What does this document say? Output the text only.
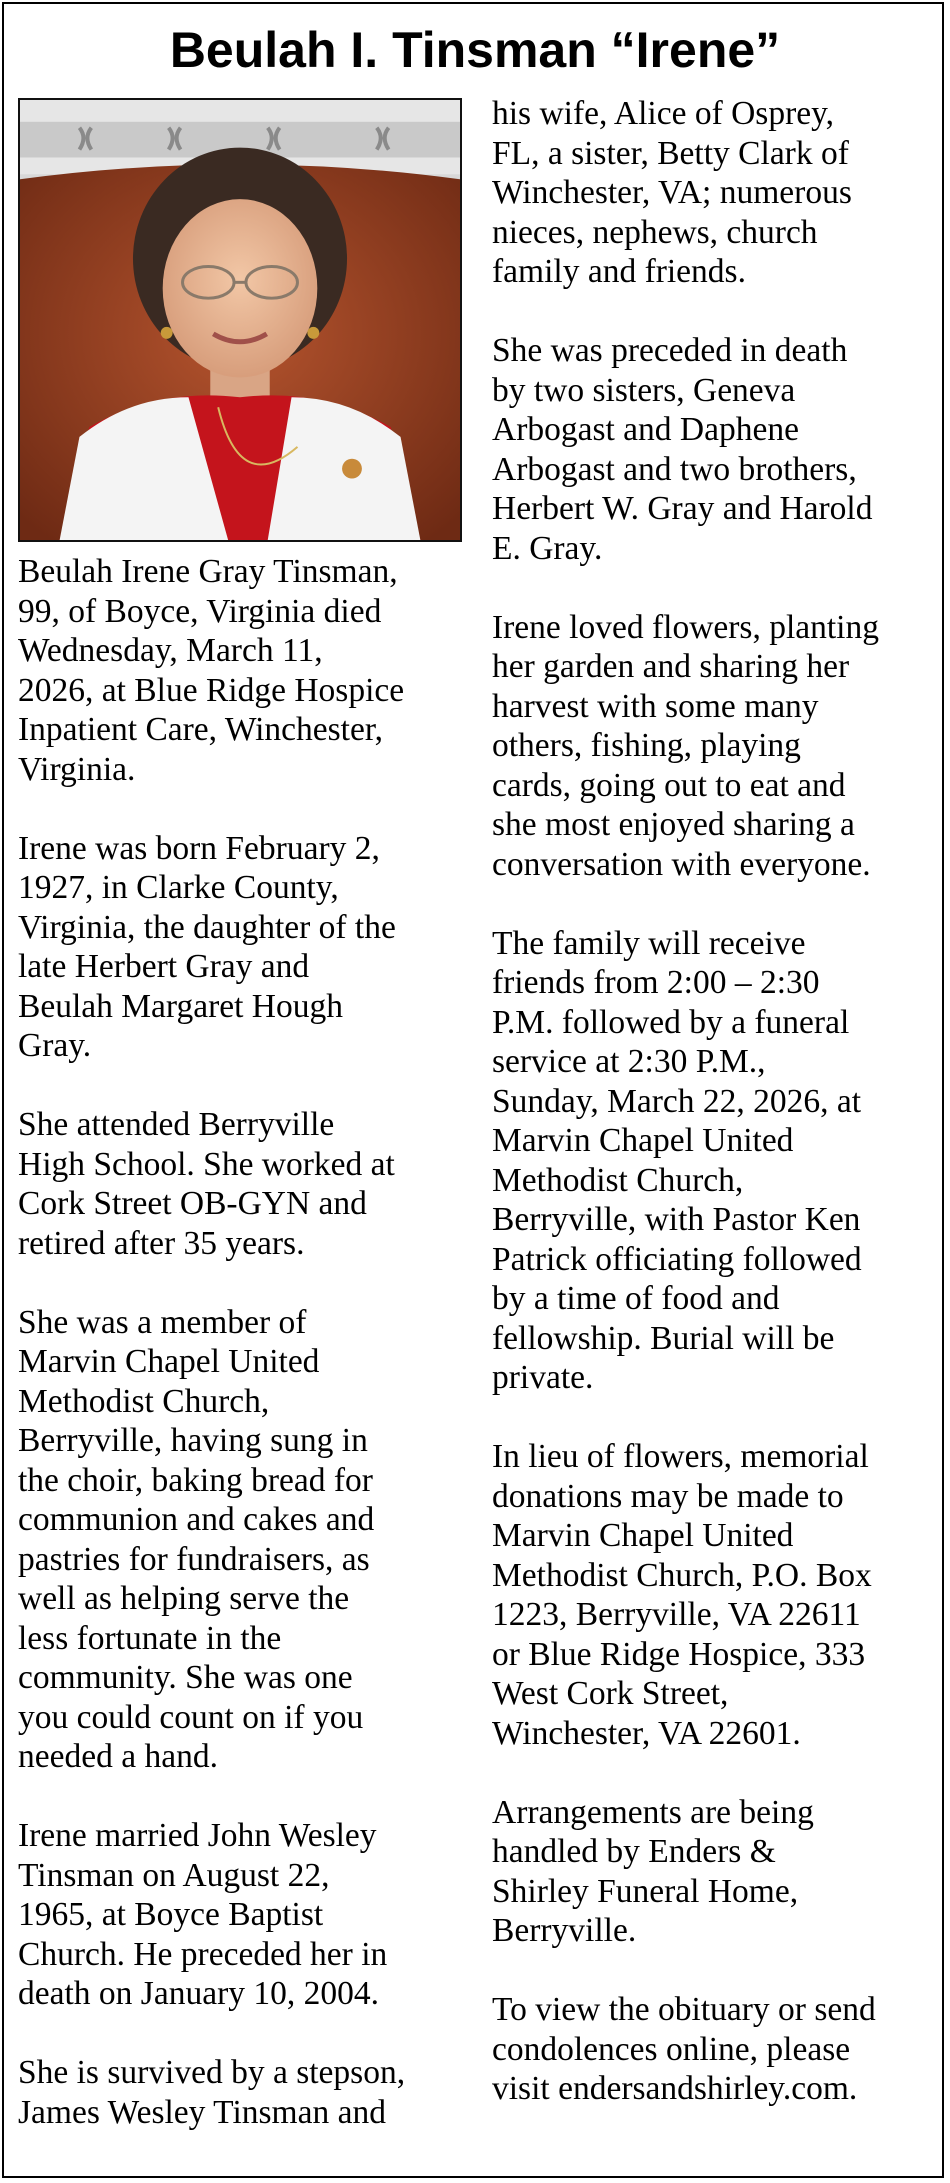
Beulah I. Tinsman “Irene”

Beulah Irene Gray Tinsman,
99, of Boyce, Virginia died
Wednesday, March 11,
2026, at Blue Ridge Hospice
Inpatient Care, Winchester,
Virginia.

Irene was born February 2,
1927, in Clarke County,
Virginia, the daughter of the
late Herbert Gray and
Beulah Margaret Hough
Gray.

She attended Berryville
High School. She worked at
Cork Street OB-GYN and
retired after 35 years.

She was a member of
Marvin Chapel United
Methodist Church,
Berryville, having sung in
the choir, baking bread for
communion and cakes and
pastries for fundraisers, as
well as helping serve the
less fortunate in the
community. She was one
you could count on if you
needed a hand.

Irene married John Wesley
Tinsman on August 22,
1965, at Boyce Baptist
Church. He preceded her in
death on January 10, 2004.

She is survived by a stepson,
James Wesley Tinsman and

his wife, Alice of Osprey,
FL, a sister, Betty Clark of
Winchester, VA; numerous
nieces, nephews, church
family and friends.

She was preceded in death
by two sisters, Geneva
Arbogast and Daphene
Arbogast and two brothers,
Herbert W. Gray and Harold
E. Gray.

Irene loved flowers, planting
her garden and sharing her
harvest with some many
others, fishing, playing
cards, going out to eat and
she most enjoyed sharing a
conversation with everyone.

The family will receive
friends from 2:00 – 2:30
P.M. followed by a funeral
service at 2:30 P.M.,
Sunday, March 22, 2026, at
Marvin Chapel United
Methodist Church,
Berryville, with Pastor Ken
Patrick officiating followed
by a time of food and
fellowship. Burial will be
private.

In lieu of flowers, memorial
donations may be made to
Marvin Chapel United
Methodist Church, P.O. Box
1223, Berryville, VA 22611
or Blue Ridge Hospice, 333
West Cork Street,
Winchester, VA 22601.

Arrangements are being
handled by Enders &
Shirley Funeral Home,
Berryville.

To view the obituary or send
condolences online, please
visit endersandshirley.com.
